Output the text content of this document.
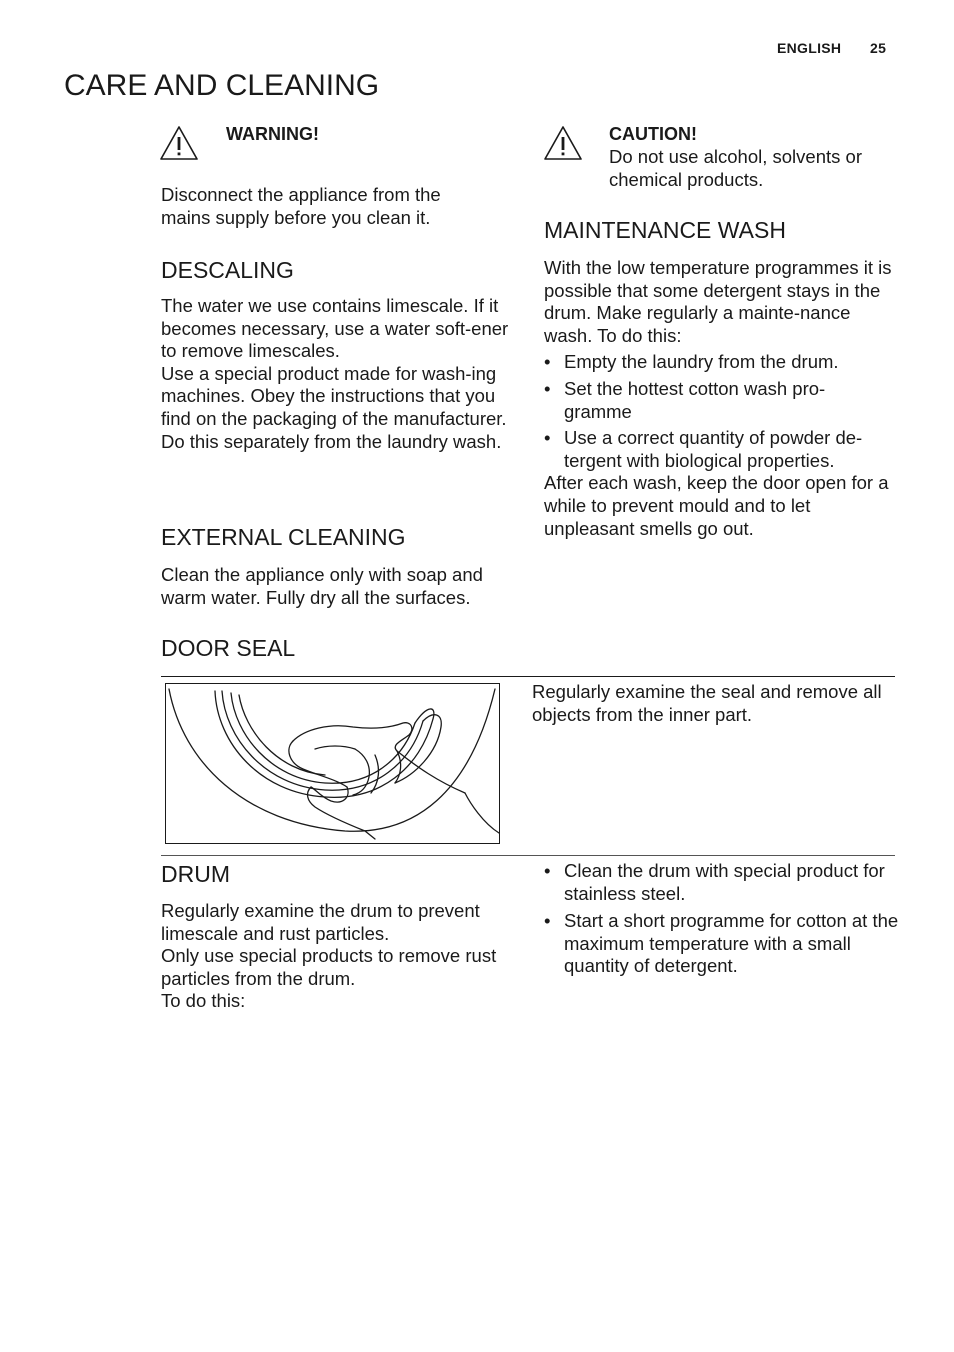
ENGLISH 25
CARE AND CLEANING
WARNING!
Disconnect the appliance from the mains supply before you clean it.
DESCALING

The water we use contains limescale. If it becomes necessary, use a water soft-ener to remove limescales.

Use a special product made for wash-ing machines. Obey the instructions that you find on the packaging of the manufacturer.

Do this separately from the laundry wash.

EXTERNAL CLEANING
Clean the appliance only with soap and warm water. Fully dry all the surfaces.
CAUTION!
Do not use alcohol, solvents or chemical products.
MAINTENANCE WASH

With the low temperature programmes it is possible that some detergent stays in the drum. Make regularly a mainte-nance wash. To do this:

• Empty the laundry from the drum.
• Set the hottest cotton wash pro-gramme
• Use a correct quantity of powder de-tergent with biological properties.

After each wash, keep the door open for a while to prevent mould and to let unpleasant smells go out.

DOOR SEAL
Regularly examine the seal and remove all objects from the inner part.
DRUM

Regularly examine the drum to prevent limescale and rust particles.

Only use special products to remove rust particles from the drum.

To do this:

• Clean the drum with special product for stainless steel.
• Start a short programme for cotton at the maximum temperature with a small quantity of detergent.
